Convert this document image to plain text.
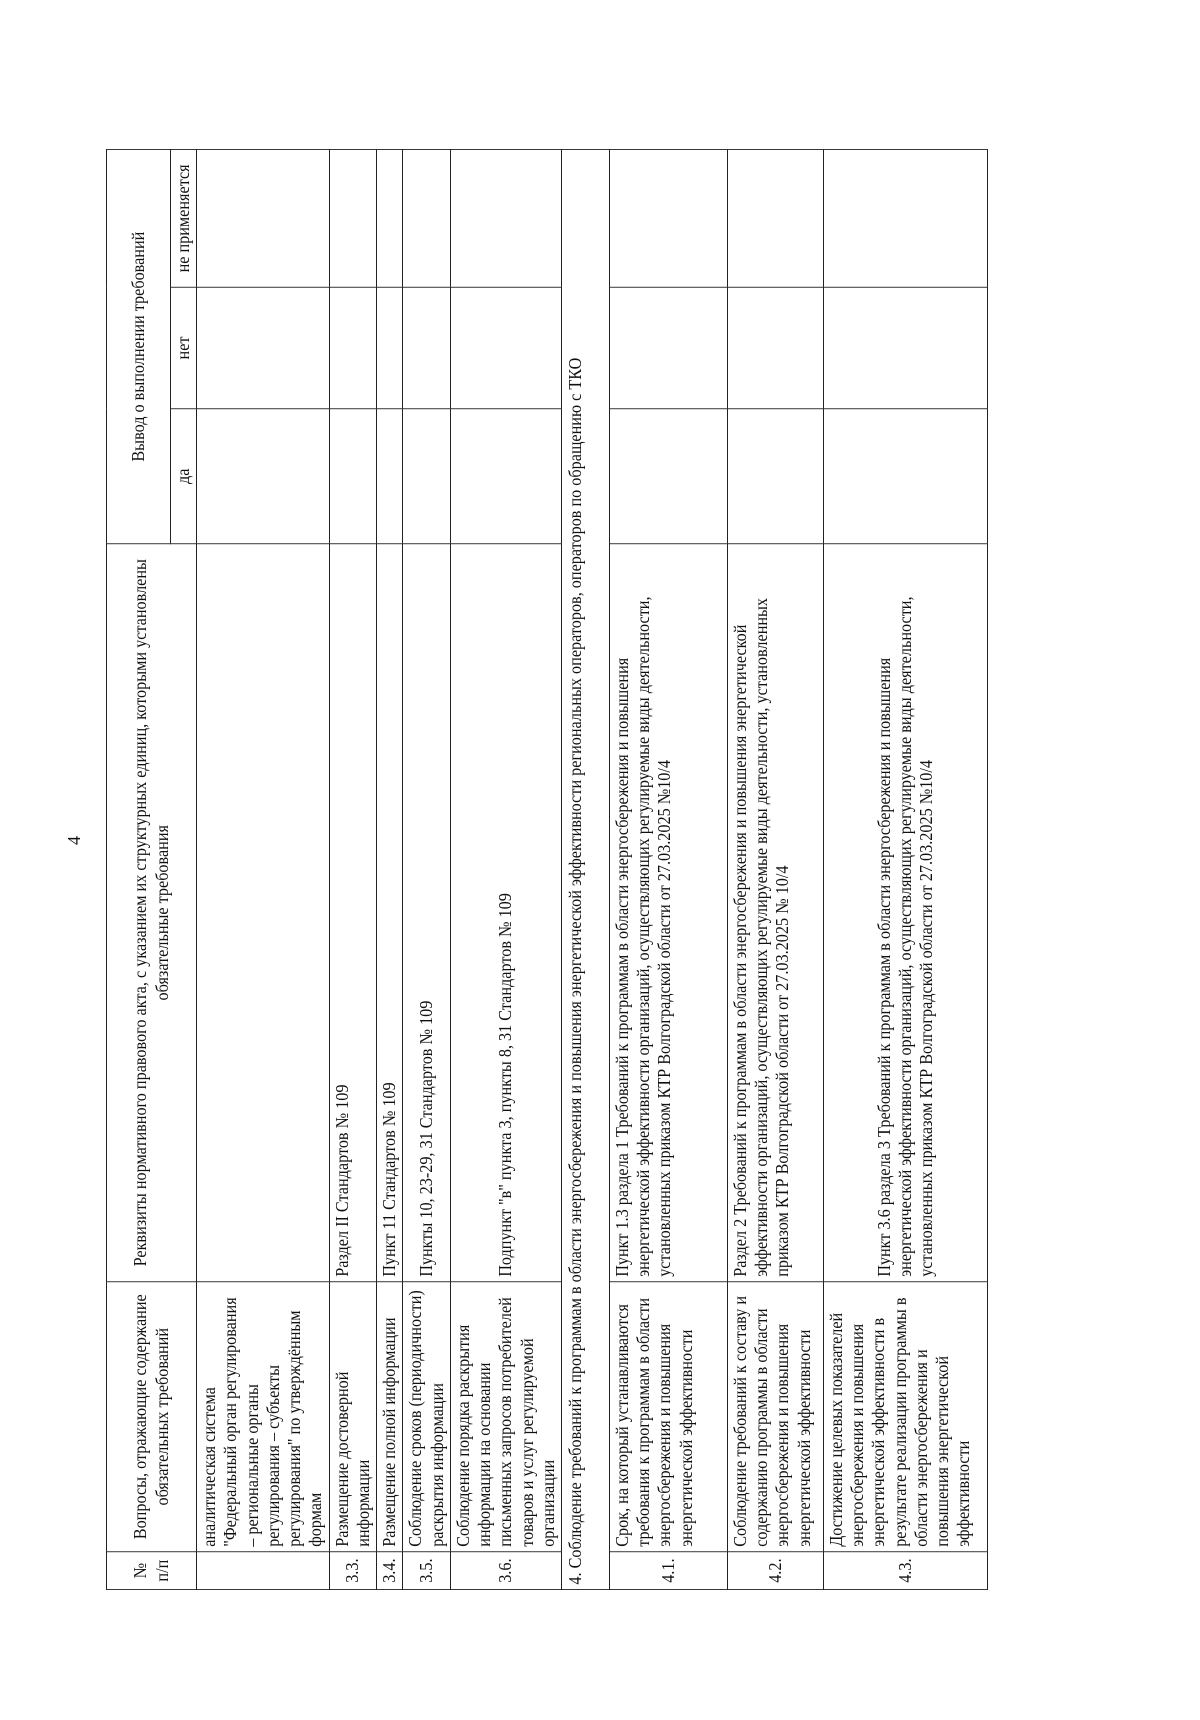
4
№ п/п	Вопросы, отражающие содержание обязательных требований	Реквизиты нормативного правового акта, с указанием их структурных единиц, которыми установлены обязательные требования	Вывод о выполнении требований		
			да	нет	не применяется
	аналитическая система "Федеральный орган регулирования – региональные органы регулирования – субъекты регулирования" по утверждённым формам				
3.3.	Размещение достоверной информации	Раздел II Стандартов № 109			
3.4.	Размещение полной информации	Пункт 11 Стандартов № 109			
3.5.	Соблюдение сроков (периодичности) раскрытия информации	Пункты 10, 23-29, 31 Стандартов № 109			
3.6.	Соблюдение порядка раскрытия информации на основании письменных запросов потребителей товаров и услуг регулируемой организации	Подпункт "в" пункта 3, пункты 8, 31 Стандартов № 109			
4. Соблюдение требований к программам в области энергосбережения и повышения энергетической эффективности региональных операторов, операторов по обращению с ТКО					
4.1.	Срок, на который устанавливаются требования к программам в области энергосбережения и повышения энергетической эффективности	Пункт 1.3 раздела 1 Требований к программам в области энергосбережения и повышения энергетической эффективности организаций, осуществляющих регулируемые виды деятельности, установленных приказом КТР Волгоградской области от 27.03.2025 №10/4			
4.2.	Соблюдение требований к составу и содержанию программы в области энергосбережения и повышения энергетической эффективности	Раздел 2 Требований к программам в области энергосбережения и повышения энергетической эффективности организаций, осуществляющих регулируемые виды деятельности, установленных приказом КТР Волгоградской области от 27.03.2025 № 10/4			
4.3.	Достижение целевых показателей энергосбережения и повышения энергетической эффективности в результате реализации программы в области энергосбережения и повышения энергетической эффективности	Пункт 3.6 раздела 3 Требований к программам в области энергосбережения и повышения энергетической эффективности организаций, осуществляющих регулируемые виды деятельности, установленных приказом КТР Волгоградской области от 27.03.2025 №10/4			
